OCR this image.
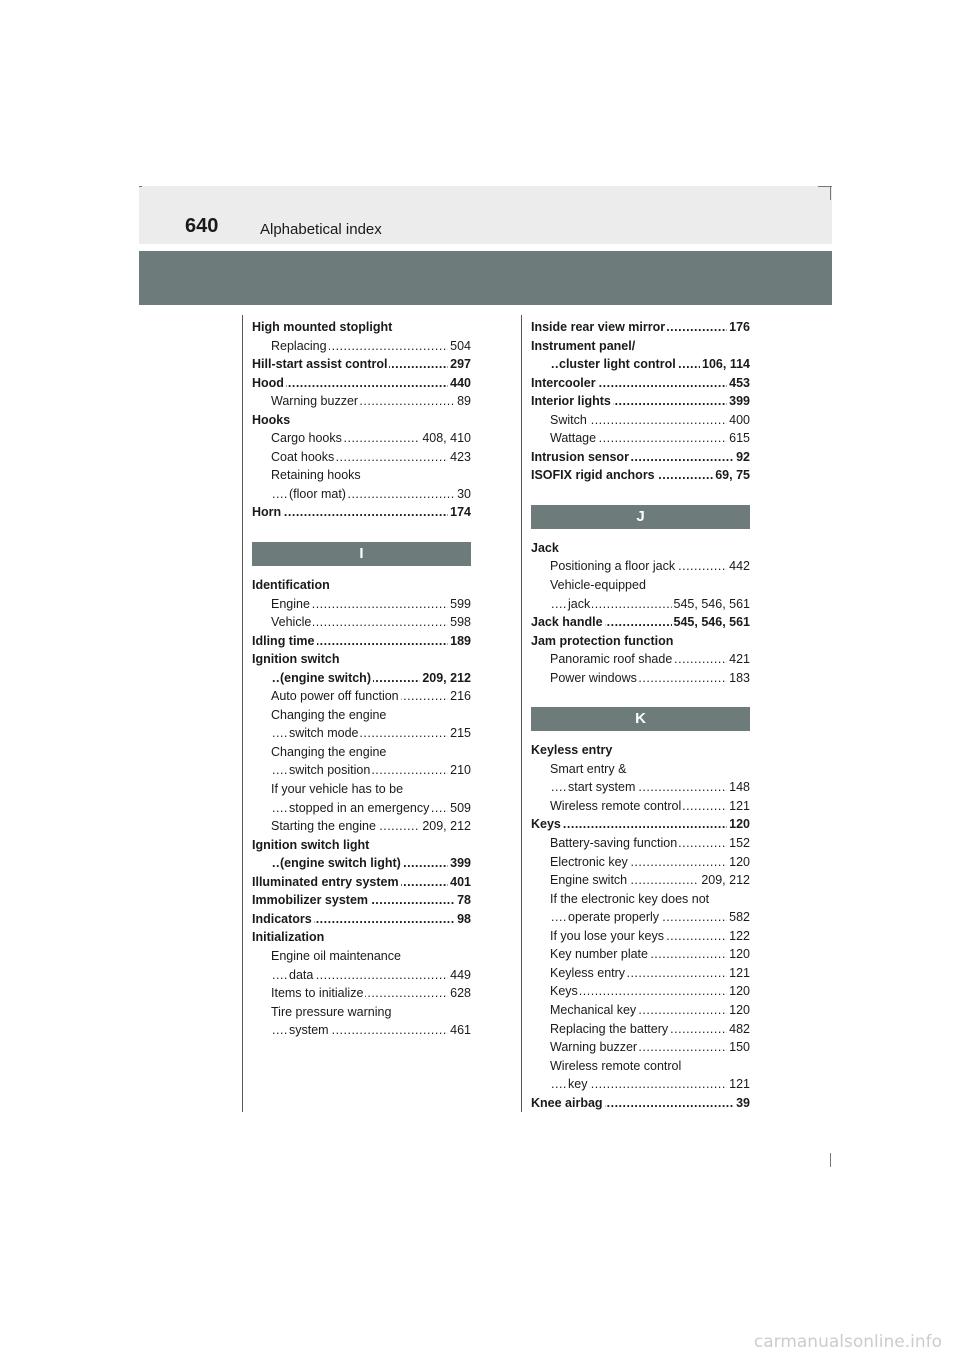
640	Alphabetical index
High mounted stoplight
..... Replacing	504
..... Hill-start assist control	297
..... Hood	440
..... Warning buzzer	89
Hooks
..... Cargo hooks	408, 410
..... Coat hooks	423
Retaining hooks
..... (floor mat)	30
..... Horn	174
I
Identification
..... Engine	599
..... Vehicle	598
..... Idling time	189
Ignition switch
..... (engine switch)	209, 212
..... Auto power off function	216
Changing the engine
..... switch mode	215
Changing the engine
..... switch position	210
If your vehicle has to be
..... stopped in an emergency 509
..... Starting the engine	209, 212
Ignition switch light
..... (engine switch light)	399
..... Illuminated entry system	401
..... Immobilizer system	78
..... Indicators	98
Initialization
Engine oil maintenance
..... data	449
..... Items to initialize	628
Tire pressure warning
..... system	461
..... Inside rear view mirror	176
Instrument panel/
..... cluster light control 106, 114
..... Intercooler	453
..... Interior lights	399
..... Switch	400
..... Wattage	615
..... Intrusion sensor	92
..... ISOFIX rigid anchors	69, 75
J
Jack
..... Positioning a floor jack	442
Vehicle-equipped
..... jack	545, 546, 561
..... Jack handle	545, 546, 561
Jam protection function
..... Panoramic roof shade	421
..... Power windows	183
K
Keyless entry
Smart entry &
..... start system	148
..... Wireless remote control	121
..... Keys	120
..... Battery-saving function	152
..... Electronic key	120
..... Engine switch	209, 212
If the electronic key does not
..... operate properly	582
..... If you lose your keys	122
..... Key number plate	120
..... Keyless entry	121
..... Keys	120
..... Mechanical key	120
..... Replacing the battery	482
..... Warning buzzer	150
Wireless remote control
..... key	121
..... Knee airbag	39
carmanualsonline.info
